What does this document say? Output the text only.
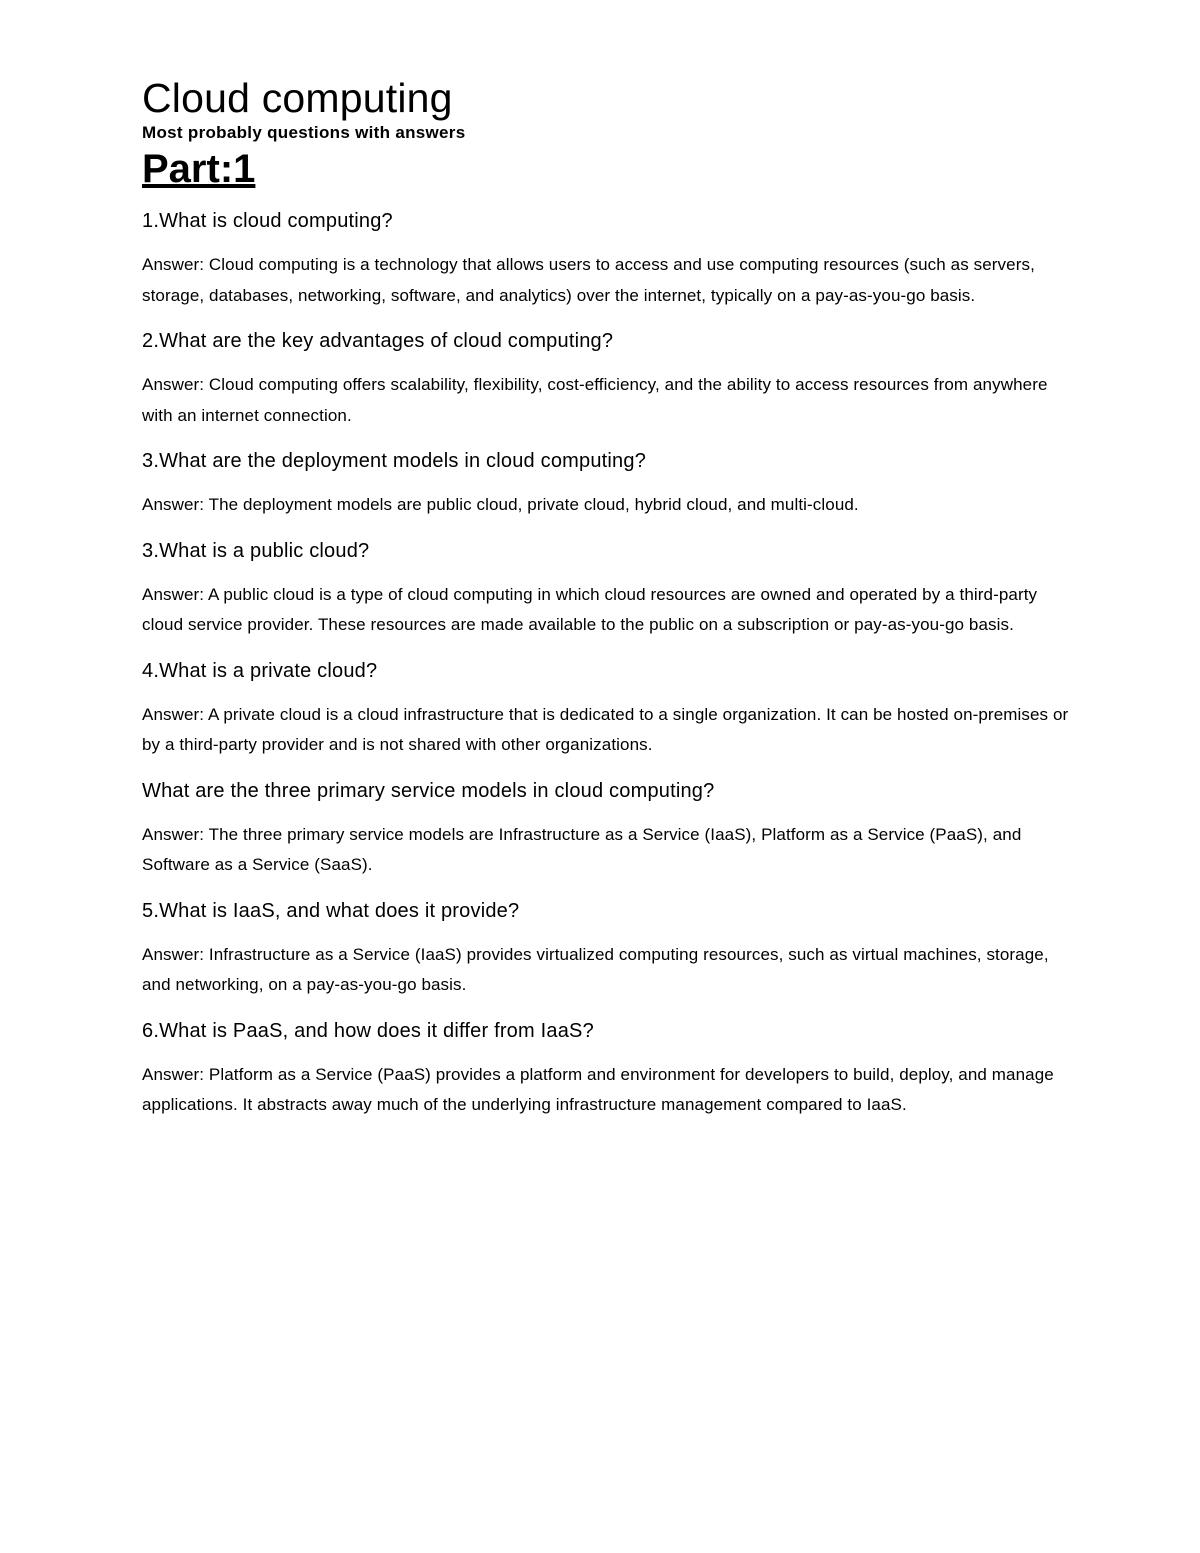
Cloud computing

Most probably questions with answers

Part:1

1.What is cloud computing?

Answer: Cloud computing is a technology that allows users to access and use computing resources (such as servers, storage, databases, networking, software, and analytics) over the internet, typically on a pay-as-you-go basis.

2.What are the key advantages of cloud computing?

Answer: Cloud computing offers scalability, flexibility, cost-efficiency, and the ability to access resources from anywhere with an internet connection.

3.What are the deployment models in cloud computing?

Answer: The deployment models are public cloud, private cloud, hybrid cloud, and multi-cloud.

3.What is a public cloud?

Answer: A public cloud is a type of cloud computing in which cloud resources are owned and operated by a third-party cloud service provider. These resources are made available to the public on a subscription or pay-as-you-go basis.

4.What is a private cloud?

Answer: A private cloud is a cloud infrastructure that is dedicated to a single organization. It can be hosted on-premises or by a third-party provider and is not shared with other organizations.

What are the three primary service models in cloud computing?

Answer: The three primary service models are Infrastructure as a Service (IaaS), Platform as a Service (PaaS), and Software as a Service (SaaS).

5.What is IaaS, and what does it provide?

Answer: Infrastructure as a Service (IaaS) provides virtualized computing resources, such as virtual machines, storage, and networking, on a pay-as-you-go basis.

6.What is PaaS, and how does it differ from IaaS?

Answer: Platform as a Service (PaaS) provides a platform and environment for developers to build, deploy, and manage applications. It abstracts away much of the underlying infrastructure management compared to IaaS.
